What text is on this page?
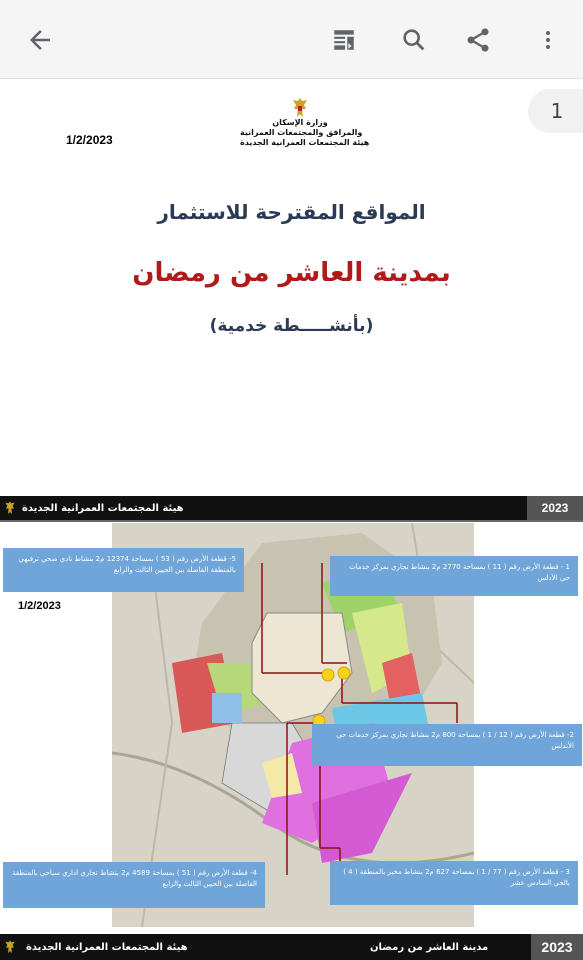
1
1/2/2023
وزارة الإسكان
والمرافق والمجتمعات العمرانية
هيئة المجتمعات العمرانية الجديدة
المواقع المقترحة للاستثمار
بمدينة العاشر من رمضان
(بأنشـــــطة خدمية)
هيئة المجتمعات العمرانية الجديدة	2023
1/2/2023
5- قطعة الأرض رقم ( 53 ) بمساحة 12374 م2 بنشاط نادي صحي ترفيهي بالمنطقة الفاصلة بين الحيين الثالث والرابع	1 - قطعة الأرض رقم ( 11 ) بمساحة 2770 م2 بنشاط تجاري بمركز خدمات حي الأدلس
2- قطعة الأرض رقم ( 12 / 1 ) بمساحة 800 م2 بنشاط تجاري بمركز خدمات حي الأندلس
4- قطعة الأرض رقم ( 51 ) بمساحة 4589 م2 بنشاط تجاري اداري سياحي بالمنطقة الفاصلة بين الحيين الثالث والرابع
3 - قطعة الأرض رقم ( 77 / 1 ) بمساحة 627 م2 بنشاط مخبز بالمنطقة ( 4 ) بالحي السادس عشر
هيئة المجتمعات العمرانية الجديدة	مدينة العاشر من رمضان	2023
